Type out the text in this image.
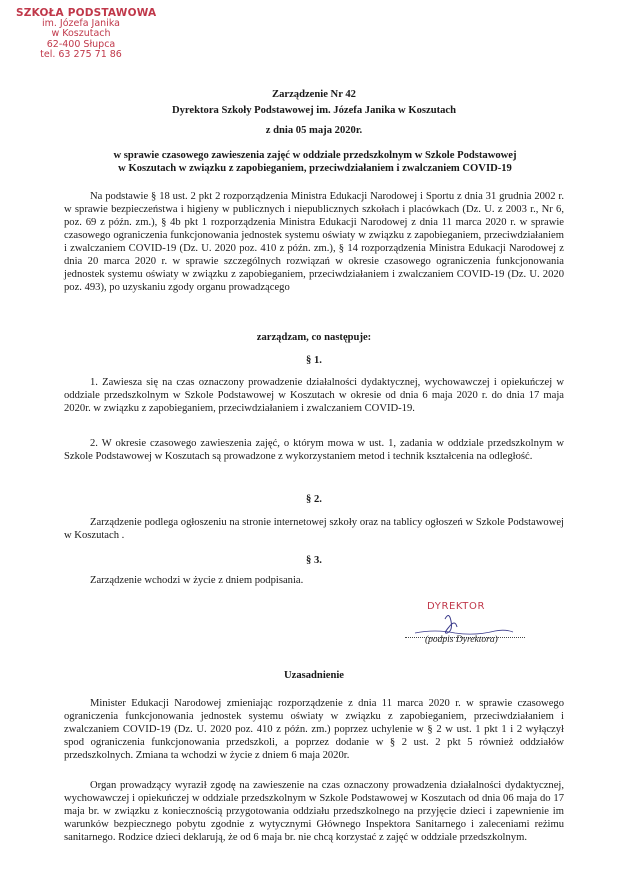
SZKOŁA PODSTAWOWA
im. Józefa Janika
w Koszutach
62-400 Słupca
tel. 63 275 71 86
Zarządzenie Nr 42
Dyrektora Szkoły Podstawowej im. Józefa Janika w Koszutach
z dnia 05 maja 2020r.
w sprawie czasowego zawieszenia zajęć w oddziale przedszkolnym w Szkole Podstawowej
w Koszutach w związku z zapobieganiem, przeciwdziałaniem i zwalczaniem COVID-19
Na podstawie § 18 ust. 2 pkt 2 rozporządzenia Ministra Edukacji Narodowej i Sportu z dnia 31 grudnia 2002 r. w sprawie bezpieczeństwa i higieny w publicznych i niepublicznych szkołach i placówkach (Dz. U. z 2003 r., Nr 6, poz. 69 z późn. zm.), § 4b pkt 1 rozporządzenia Ministra Edukacji Narodowej z dnia 11 marca 2020 r. w sprawie czasowego ograniczenia funkcjonowania jednostek systemu oświaty w związku z zapobieganiem, przeciwdziałaniem i zwalczaniem COVID-19 (Dz. U. 2020 poz. 410 z późn. zm.), § 14 rozporządzenia Ministra Edukacji Narodowej z dnia 20 marca 2020 r. w sprawie szczególnych rozwiązań w okresie czasowego ograniczenia funkcjonowania jednostek systemu oświaty w związku z zapobieganiem, przeciwdziałaniem i zwalczaniem COVID-19 (Dz. U. 2020 poz. 493), po uzyskaniu zgody organu prowadzącego
zarządzam, co następuje:
§ 1.
1. Zawiesza się na czas oznaczony prowadzenie działalności dydaktycznej, wychowawczej i opiekuńczej w oddziale przedszkolnym w Szkole Podstawowej w Koszutach w okresie od dnia 6 maja 2020 r. do dnia 17 maja 2020r. w związku z zapobieganiem, przeciwdziałaniem i zwalczaniem COVID-19.
2. W okresie czasowego zawieszenia zajęć, o którym mowa w ust. 1, zadania w oddziale przedszkolnym w Szkole Podstawowej w Koszutach są prowadzone z wykorzystaniem metod i technik kształcenia na odległość.
§ 2.
Zarządzenie podlega ogłoszeniu na stronie internetowej szkoły oraz na tablicy ogłoszeń w Szkole Podstawowej w Koszutach .
§ 3.
Zarządzenie wchodzi w życie z dniem podpisania.
DYREKTOR
(podpis Dyrektora)
Uzasadnienie
Minister Edukacji Narodowej zmieniając rozporządzenie z dnia 11 marca 2020 r. w sprawie czasowego ograniczenia funkcjonowania jednostek systemu oświaty w związku z zapobieganiem, przeciwdziałaniem i zwalczaniem COVID-19 (Dz. U. 2020 poz. 410 z późn. zm.) poprzez uchylenie w § 2 w ust. 1 pkt 1 i 2 wyłączył spod ograniczenia funkcjonowania przedszkoli, a poprzez dodanie w § 2 ust. 2 pkt 5 również oddziałów przedszkolnych. Zmiana ta wchodzi w życie z dniem 6 maja 2020r.
Organ prowadzący wyraził zgodę na zawieszenie na czas oznaczony prowadzenia działalności dydaktycznej, wychowawczej i opiekuńczej w oddziale przedszkolnym w Szkole Podstawowej w Koszutach od dnia 06 maja do 17 maja br. w związku z koniecznością przygotowania oddziału przedszkolnego na przyjęcie dzieci i zapewnienie im warunków bezpiecznego pobytu zgodnie z wytycznymi Głównego Inspektora Sanitarnego i zaleceniami reżimu sanitarnego. Rodzice dzieci deklarują, że od 6 maja br. nie chcą korzystać z zajęć w oddziale przedszkolnym.
